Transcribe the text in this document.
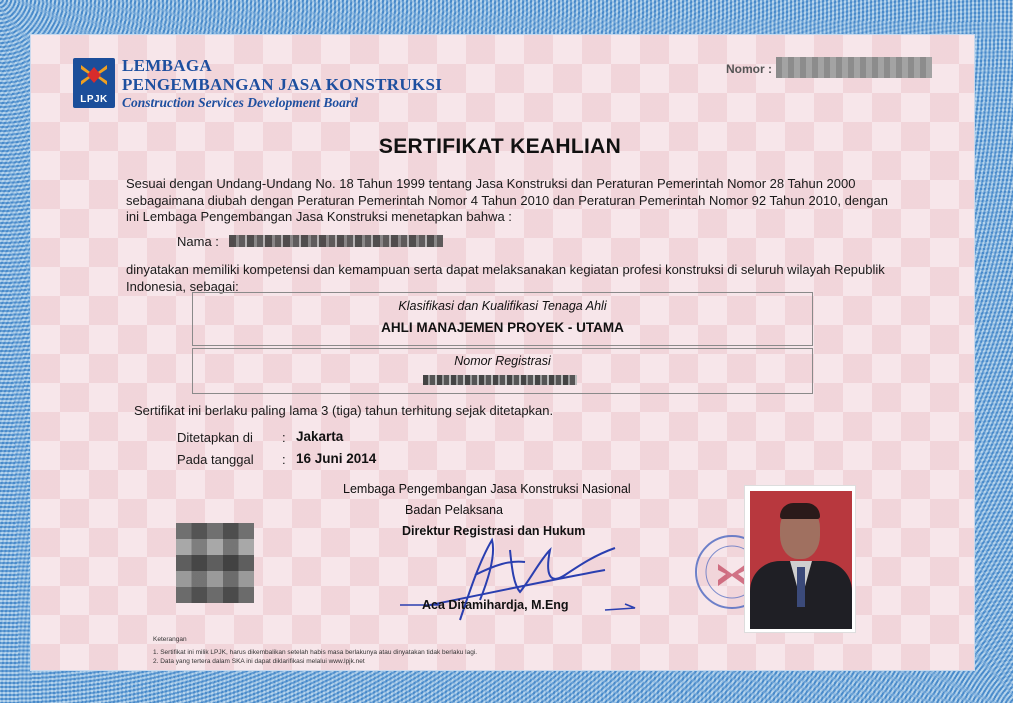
LPJK
LEMBAGA
PENGEMBANGAN JASA KONSTRUKSI
Construction Services Development Board
Nomor :
SERTIFIKAT KEAHLIAN
Sesuai dengan Undang-Undang No. 18 Tahun 1999 tentang Jasa Konstruksi dan Peraturan Pemerintah Nomor 28 Tahun 2000 sebagaimana diubah dengan Peraturan Pemerintah Nomor 4 Tahun 2010 dan Peraturan Pemerintah Nomor 92 Tahun 2010, dengan ini Lembaga Pengembangan Jasa Konstruksi menetapkan bahwa :
Nama :
dinyatakan memiliki kompetensi dan kemampuan serta dapat melaksanakan kegiatan profesi konstruksi di seluruh wilayah Republik Indonesia, sebagai:
Klasifikasi dan Kualifikasi Tenaga Ahli
AHLI MANAJEMEN PROYEK - UTAMA
Nomor Registrasi
Sertifikat ini berlaku paling lama 3 (tiga) tahun terhitung sejak ditetapkan.
Ditetapkan di : Jakarta
Pada tanggal : 16 Juni 2014
Lembaga Pengembangan Jasa Konstruksi Nasional
Badan Pelaksana
Direktur Registrasi dan Hukum
Aca Ditamihardja, M.Eng
Keterangan
1. Sertifikat ini milik LPJK, harus dikembalikan setelah habis masa berlakunya atau dinyatakan tidak berlaku lagi.
2. Data yang tertera dalam SKA ini dapat diklarifikasi melalui www.lpjk.net
